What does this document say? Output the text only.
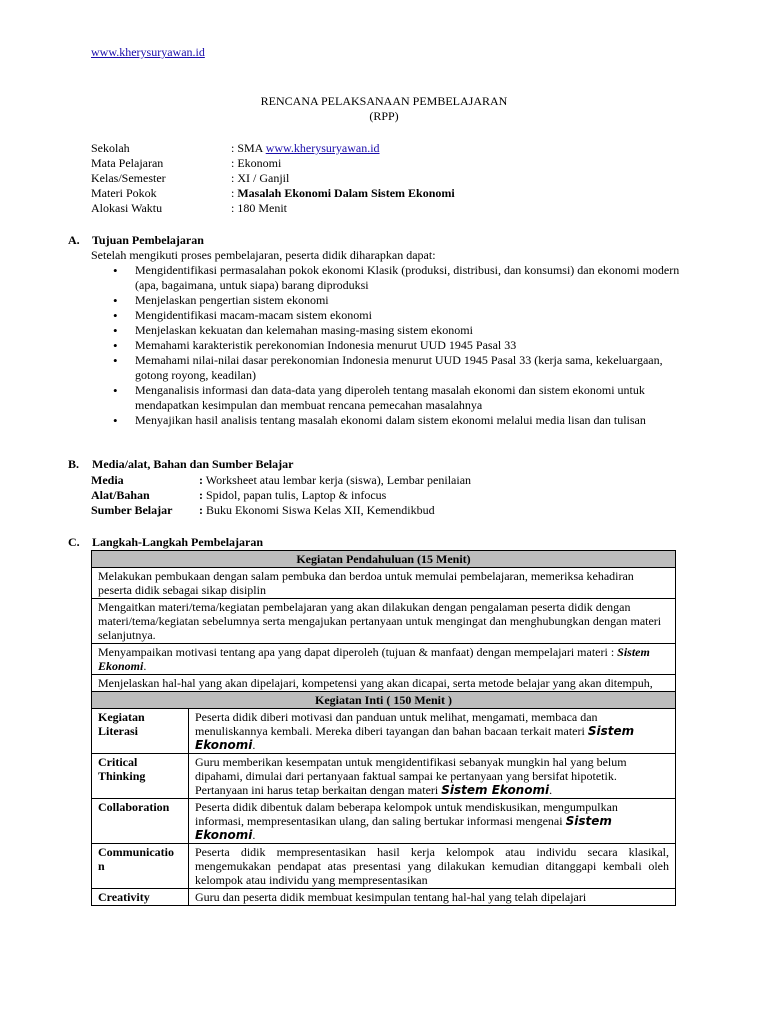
www.kherysuryawan.id
RENCANA PELAKSANAAN PEMBELAJARAN
(RPP)
Sekolah	: SMA www.kherysuryawan.id
Mata Pelajaran	: Ekonomi
Kelas/Semester	: XI / Ganjil
Materi Pokok	: Masalah Ekonomi Dalam Sistem Ekonomi
Alokasi Waktu	: 180 Menit
A. Tujuan Pembelajaran
Setelah mengikuti proses pembelajaran, peserta didik diharapkan dapat:
• Mengidentifikasi permasalahan pokok ekonomi Klasik (produksi, distribusi, dan konsumsi) dan ekonomi modern (apa, bagaimana, untuk siapa) barang diproduksi
• Menjelaskan pengertian sistem ekonomi
• Mengidentifikasi macam-macam sistem ekonomi
• Menjelaskan kekuatan dan kelemahan masing-masing sistem ekonomi
• Memahami karakteristik perekonomian Indonesia menurut UUD 1945 Pasal 33
• Memahami nilai-nilai dasar perekonomian Indonesia menurut UUD 1945 Pasal 33 (kerja sama, kekeluargaan, gotong royong, keadilan)
• Menganalisis informasi dan data-data yang diperoleh tentang masalah ekonomi dan sistem ekonomi untuk mendapatkan kesimpulan dan membuat rencana pemecahan masalahnya
• Menyajikan hasil analisis tentang masalah ekonomi dalam sistem ekonomi melalui media lisan dan tulisan
B. Media/alat, Bahan dan Sumber Belajar
Media	: Worksheet atau lembar kerja (siswa), Lembar penilaian
Alat/Bahan	: Spidol, papan tulis, Laptop & infocus
Sumber Belajar : Buku Ekonomi Siswa Kelas XII, Kemendikbud
C. Langkah-Langkah Pembelajaran
Kegiatan Pendahuluan (15 Menit)	
Melakukan pembukaan dengan salam pembuka dan berdoa untuk memulai pembelajaran, memeriksa kehadiran peserta didik sebagai sikap disiplin	
Mengaitkan materi/tema/kegiatan pembelajaran yang akan dilakukan dengan pengalaman peserta didik dengan materi/tema/kegiatan sebelumnya serta mengajukan pertanyaan untuk mengingat dan menghubungkan dengan materi selanjutnya.	
Menyampaikan motivasi tentang apa yang dapat diperoleh (tujuan & manfaat) dengan mempelajari materi : Sistem Ekonomi.	
Menjelaskan hal-hal yang akan dipelajari, kompetensi yang akan dicapai, serta metode belajar yang akan ditempuh,	
Kegiatan Inti ( 150 Menit )	
Kegiatan Literasi	Peserta didik diberi motivasi dan panduan untuk melihat, mengamati, membaca dan menuliskannya kembali. Mereka diberi tayangan dan bahan bacaan terkait materi Sistem Ekonomi.
Critical Thinking	Guru memberikan kesempatan untuk mengidentifikasi sebanyak mungkin hal yang belum dipahami, dimulai dari pertanyaan faktual sampai ke pertanyaan yang bersifat hipotetik. Pertanyaan ini harus tetap berkaitan dengan materi Sistem Ekonomi.
Collaboration	Peserta didik dibentuk dalam beberapa kelompok untuk mendiskusikan, mengumpulkan informasi, mempresentasikan ulang, dan saling bertukar informasi mengenai Sistem Ekonomi.
Communicatio n	Peserta didik mempresentasikan hasil kerja kelompok atau individu secara klasikal, mengemukakan pendapat atas presentasi yang dilakukan kemudian ditanggapi kembali oleh kelompok atau individu yang mempresentasikan
Creativity	Guru dan peserta didik membuat kesimpulan tentang hal-hal yang telah dipelajari
